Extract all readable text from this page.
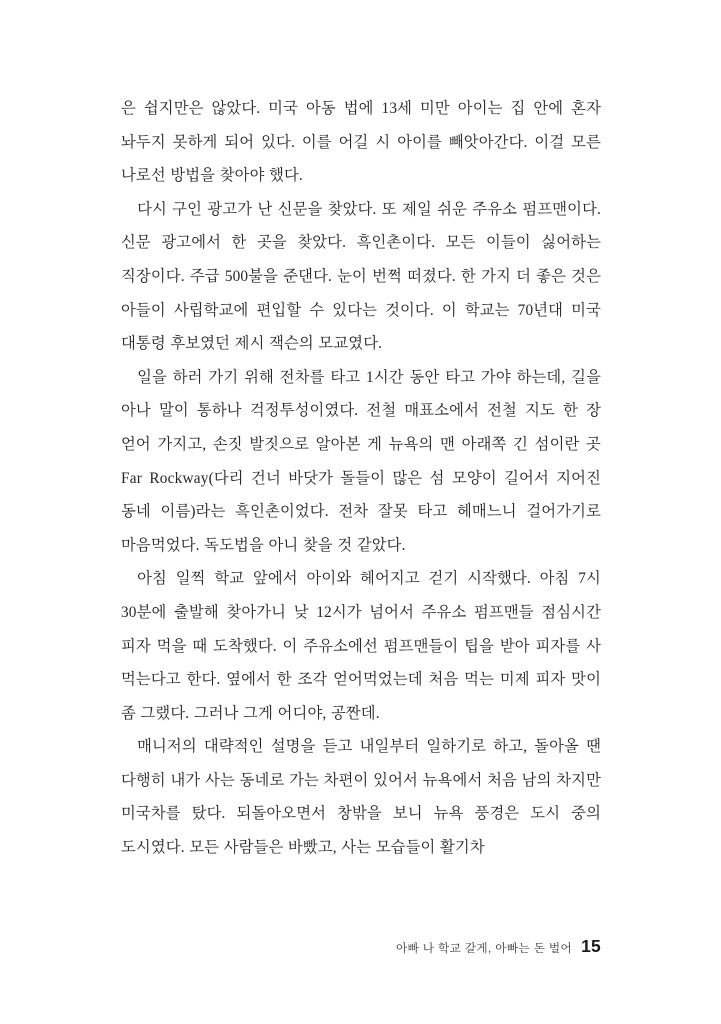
은 쉽지만은 않았다. 미국 아동 법에 13세 미만 아이는 집 안에 혼자 놔두지 못하게 되어 있다. 이를 어길 시 아이를 빼앗아간다. 이걸 모른 나로선 방법을 찾아야 했다.

다시 구인 광고가 난 신문을 찾았다. 또 제일 쉬운 주유소 펌프맨이다. 신문 광고에서 한 곳을 찾았다. 흑인촌이다. 모든 이들이 싫어하는 직장이다. 주급 500불을 준댄다. 눈이 번쩍 떠졌다. 한 가지 더 좋은 것은 아들이 사립학교에 편입할 수 있다는 것이다. 이 학교는 70년대 미국 대통령 후보였던 제시 잭슨의 모교였다.

일을 하러 가기 위해 전차를 타고 1시간 동안 타고 가야 하는데, 길을 아나 말이 통하나 걱정투성이였다. 전철 매표소에서 전철 지도 한 장 얻어 가지고, 손짓 발짓으로 알아본 게 뉴욕의 맨 아래쪽 긴 섬이란 곳 Far Rockway(다리 건너 바닷가 돌들이 많은 섬 모양이 길어서 지어진 동네 이름)라는 흑인촌이었다. 전차 잘못 타고 헤매느니 걸어가기로 마음먹었다. 독도법을 아니 찾을 것 같았다.

아침 일찍 학교 앞에서 아이와 헤어지고 걷기 시작했다. 아침 7시 30분에 출발해 찾아가니 낮 12시가 넘어서 주유소 펌프맨들 점심시간 피자 먹을 때 도착했다. 이 주유소에선 펌프맨들이 팁을 받아 피자를 사 먹는다고 한다. 옆에서 한 조각 얻어먹었는데 처음 먹는 미제 피자 맛이 좀 그랬다. 그러나 그게 어디야, 공짠데.

매니저의 대략적인 설명을 듣고 내일부터 일하기로 하고, 돌아올 땐 다행히 내가 사는 동네로 가는 차편이 있어서 뉴욕에서 처음 남의 차지만 미국차를 탔다. 되돌아오면서 창밖을 보니 뉴욕 풍경은 도시 중의 도시였다. 모든 사람들은 바빴고, 사는 모습들이 활기차

아빠 나 학교 갈게, 아빠는 돈 벌어 15
